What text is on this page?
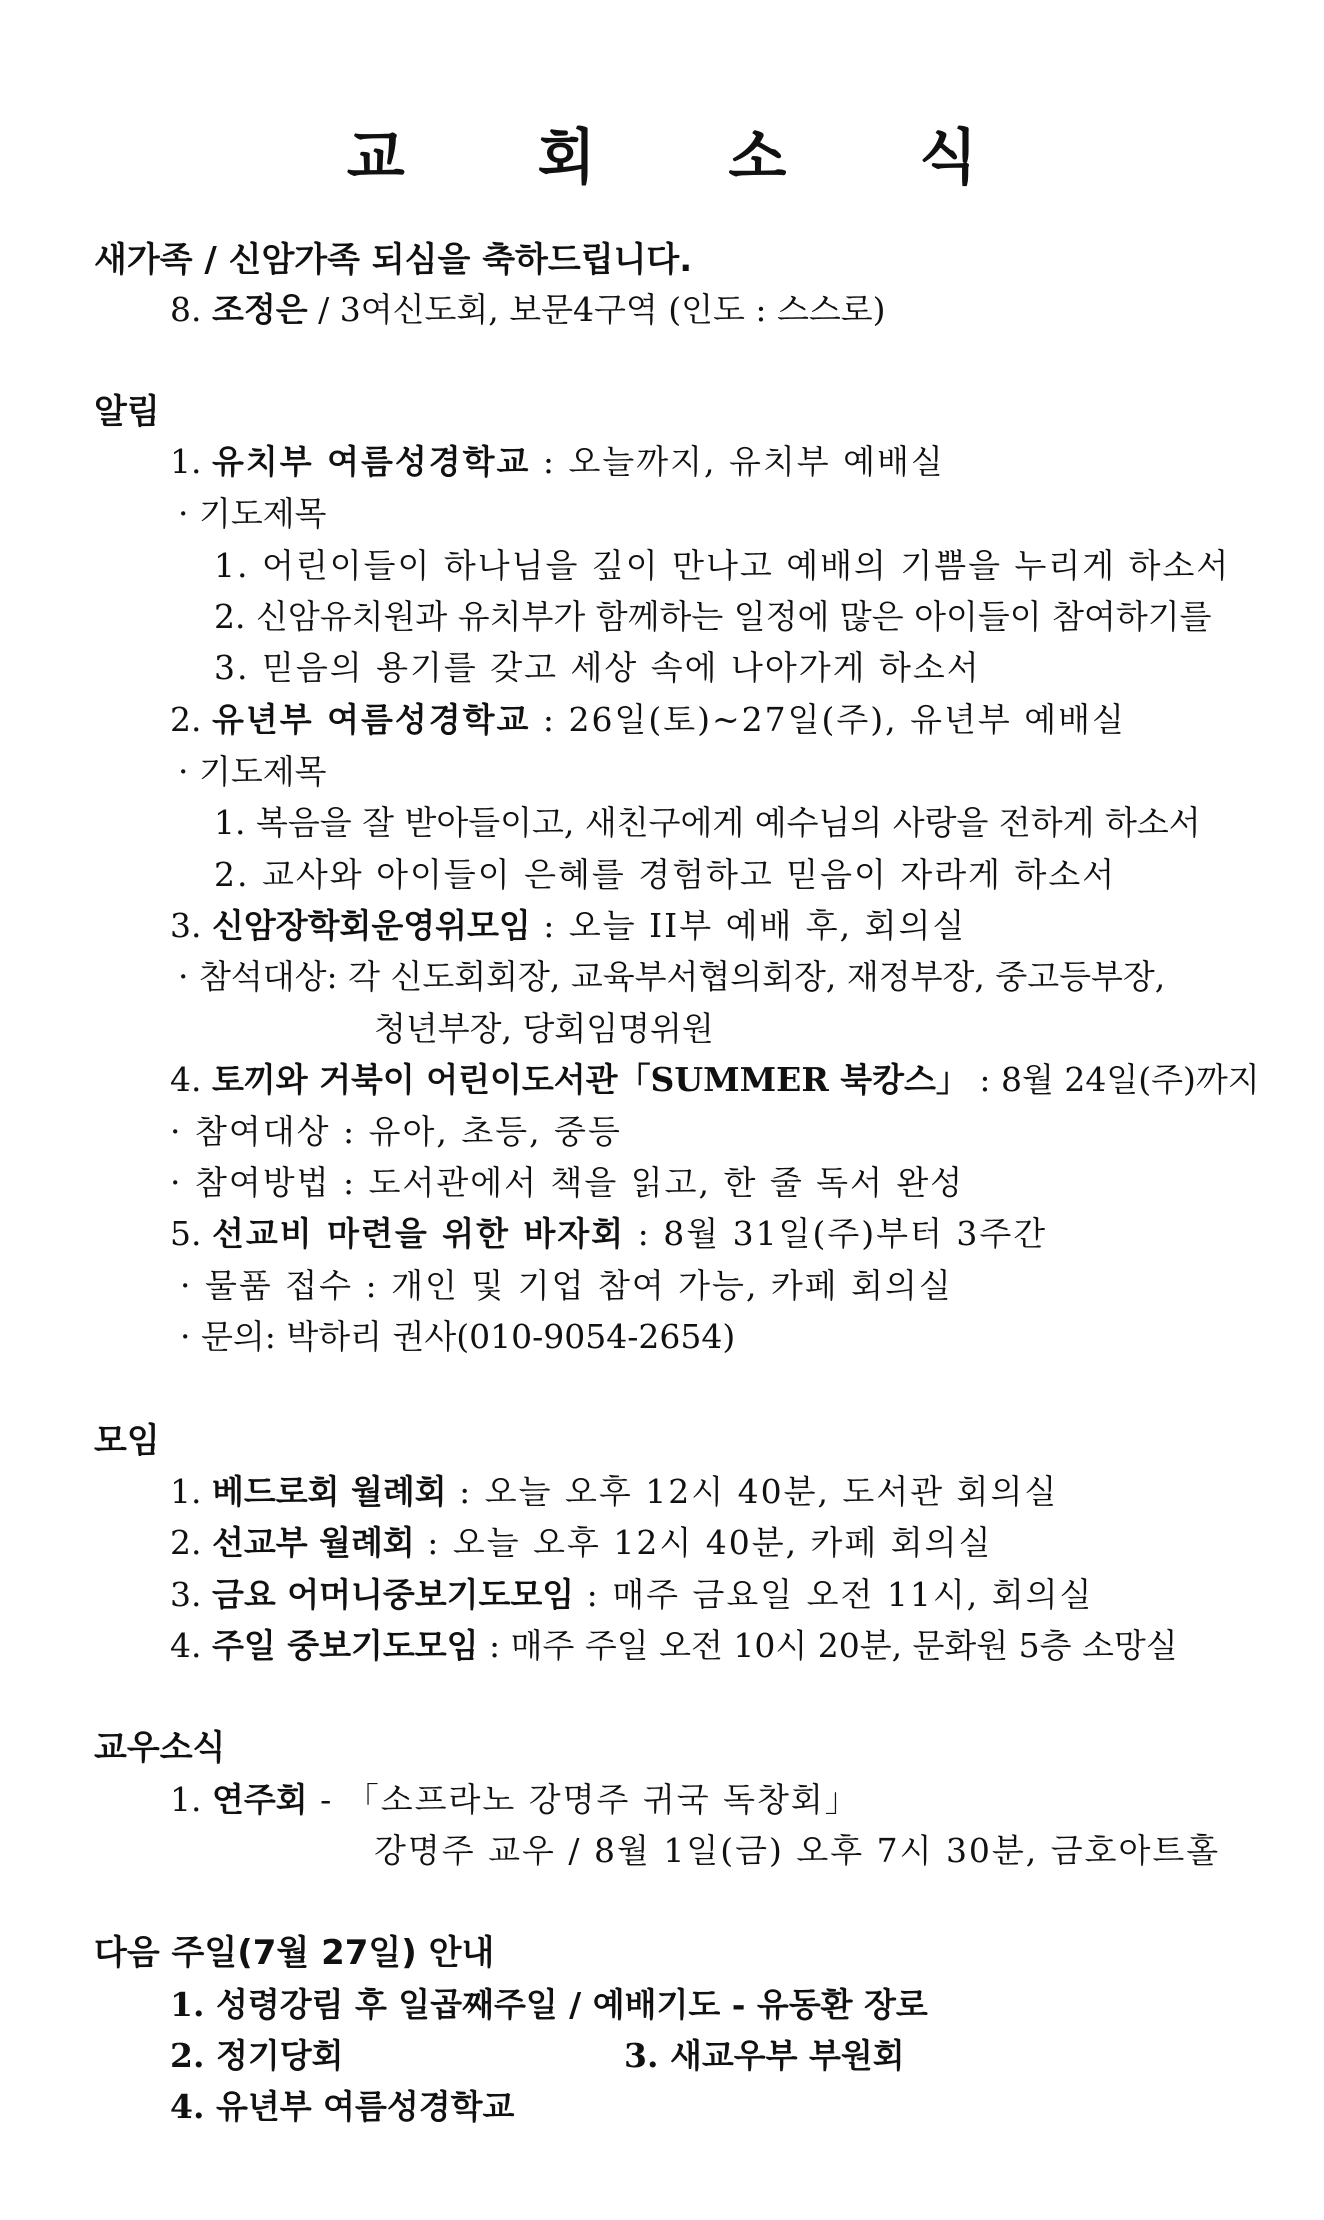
교 회 소 식
새가족 / 신암가족 되심을 축하드립니다.
8. 조정은 / 3여신도회, 보문4구역 (인도 : 스스로)
알림
1. 유치부 여름성경학교 : 오늘까지, 유치부 예배실
· 기도제목
1. 어린이들이 하나님을 깊이 만나고 예배의 기쁨을 누리게 하소서
2. 신암유치원과 유치부가 함께하는 일정에 많은 아이들이 참여하기를
3. 믿음의 용기를 갖고 세상 속에 나아가게 하소서
2. 유년부 여름성경학교 : 26일(토)~27일(주), 유년부 예배실
· 기도제목
1. 복음을 잘 받아들이고, 새친구에게 예수님의 사랑을 전하게 하소서
2. 교사와 아이들이 은혜를 경험하고 믿음이 자라게 하소서
3. 신암장학회운영위모임 : 오늘 II부 예배 후, 회의실
· 참석대상: 각 신도회회장, 교육부서협의회장, 재정부장, 중고등부장,
청년부장, 당회임명위원
4. 토끼와 거북이 어린이도서관「SUMMER 북캉스」 : 8월 24일(주)까지
· 참여대상 : 유아, 초등, 중등
· 참여방법 : 도서관에서 책을 읽고, 한 줄 독서 완성
5. 선교비 마련을 위한 바자회 : 8월 31일(주)부터 3주간
· 물품 접수 : 개인 및 기업 참여 가능, 카페 회의실
· 문의: 박하리 권사(010-9054-2654)
모임
1. 베드로회 월례회 : 오늘 오후 12시 40분, 도서관 회의실
2. 선교부 월례회 : 오늘 오후 12시 40분, 카페 회의실
3. 금요 어머니중보기도모임 : 매주 금요일 오전 11시, 회의실
4. 주일 중보기도모임 : 매주 주일 오전 10시 20분, 문화원 5층 소망실
교우소식
1. 연주회 - 「소프라노 강명주 귀국 독창회」
강명주 교우 / 8월 1일(금) 오후 7시 30분, 금호아트홀
다음 주일(7월 27일) 안내
1. 성령강림 후 일곱째주일 / 예배기도 - 유동환 장로
2. 정기당회	3. 새교우부 부원회
4. 유년부 여름성경학교
